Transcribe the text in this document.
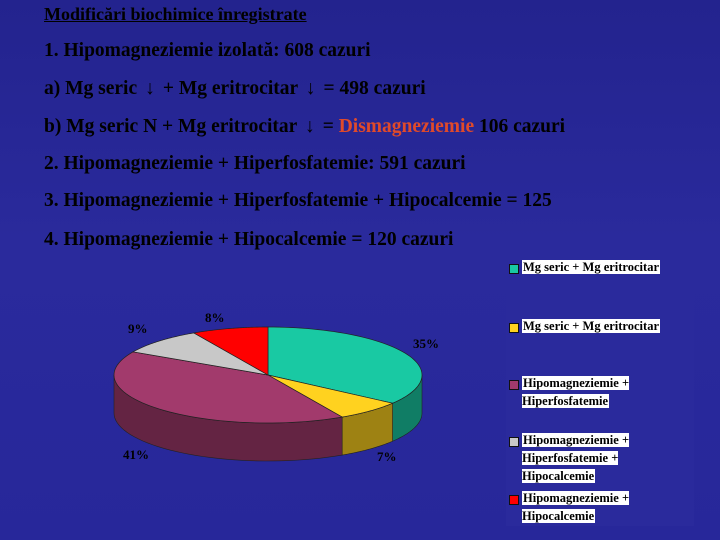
Modificări biochimice înregistrate
1. Hipomagneziemie izolată: 608 cazuri
a) Mg seric ↓ + Mg eritrocitar ↓ = 498 cazuri
b) Mg seric N + Mg eritrocitar ↓ = Dismagneziemie 106 cazuri
2. Hipomagneziemie + Hiperfosfatemie: 591 cazuri
3. Hipomagneziemie + Hiperfosfatemie + Hipocalcemie = 125
4. Hipomagneziemie + Hipocalcemie = 120 cazuri
35%
7%
41%
9%
8%
Mg seric + Mg eritrocitar
Mg seric + Mg eritrocitar
Hipomagneziemie +
Hiperfosfatemie
Hipomagneziemie +
Hiperfosfatemie +
Hipocalcemie
Hipomagneziemie +
Hipocalcemie
